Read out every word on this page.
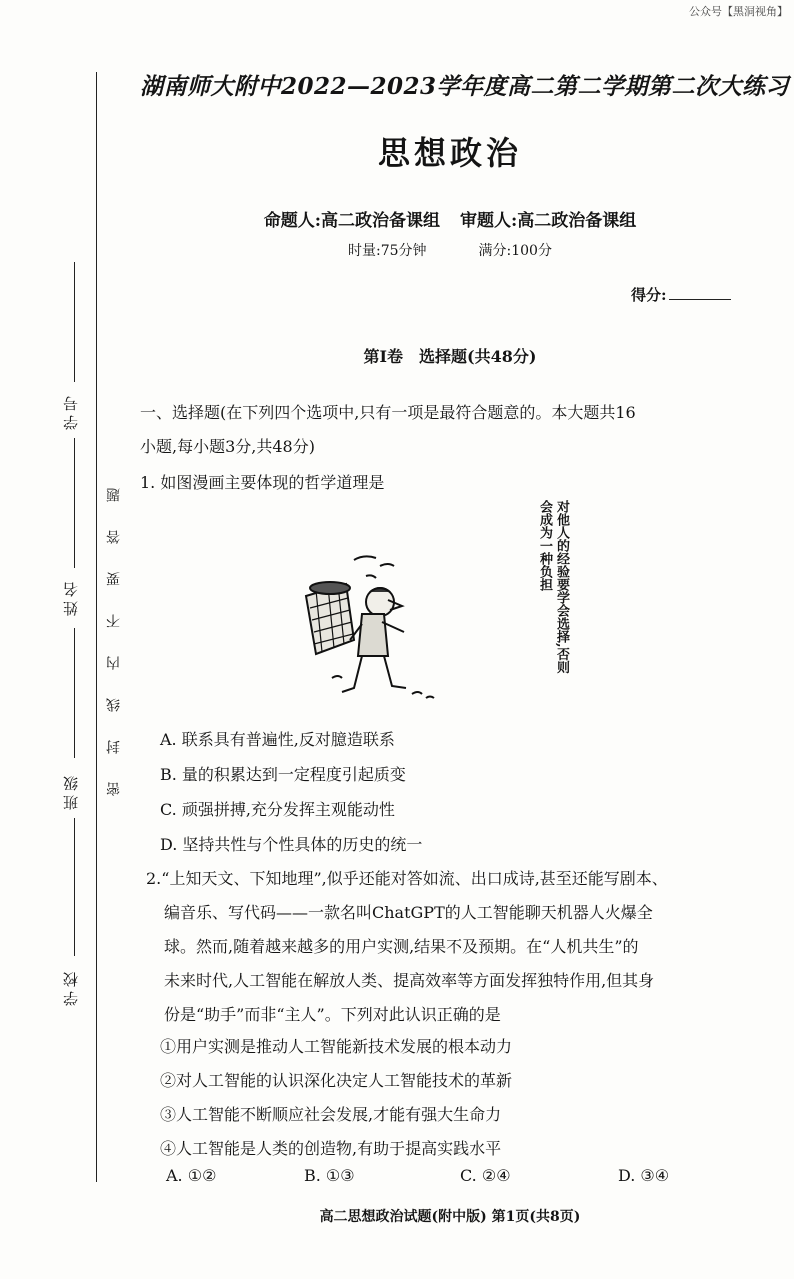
公众号【黑洞视角】
学号
姓名
班级
学校
密封线内不要答题
湖南师大附中2022—2023学年度高二第二学期第二次大练习
思想政治
命题人:高二政治备课组 审题人:高二政治备课组
时量:75分钟	满分:100分
得分:
第Ⅰ卷 选择题(共48分)
一、选择题(在下列四个选项中,只有一项是最符合题意的。本大题共16
小题,每小题3分,共48分)
1. 如图漫画主要体现的哲学道理是
对他人的经验要学会选择,否则会成为一种负担
A. 联系具有普遍性,反对臆造联系
B. 量的积累达到一定程度引起质变
C. 顽强拼搏,充分发挥主观能动性
D. 坚持共性与个性具体的历史的统一
2.“上知天文、下知地理”,似乎还能对答如流、出口成诗,甚至还能写剧本、
编音乐、写代码——一款名叫ChatGPT的人工智能聊天机器人火爆全
球。然而,随着越来越多的用户实测,结果不及预期。在“人机共生”的
未来时代,人工智能在解放人类、提高效率等方面发挥独特作用,但其身
份是“助手”而非“主人”。下列对此认识正确的是
①用户实测是推动人工智能新技术发展的根本动力
②对人工智能的认识深化决定人工智能技术的革新
③人工智能不断顺应社会发展,才能有强大生命力
④人工智能是人类的创造物,有助于提高实践水平
A. ①②	B. ①③	C. ②④	D. ③④
高二思想政治试题(附中版) 第1页(共8页)
